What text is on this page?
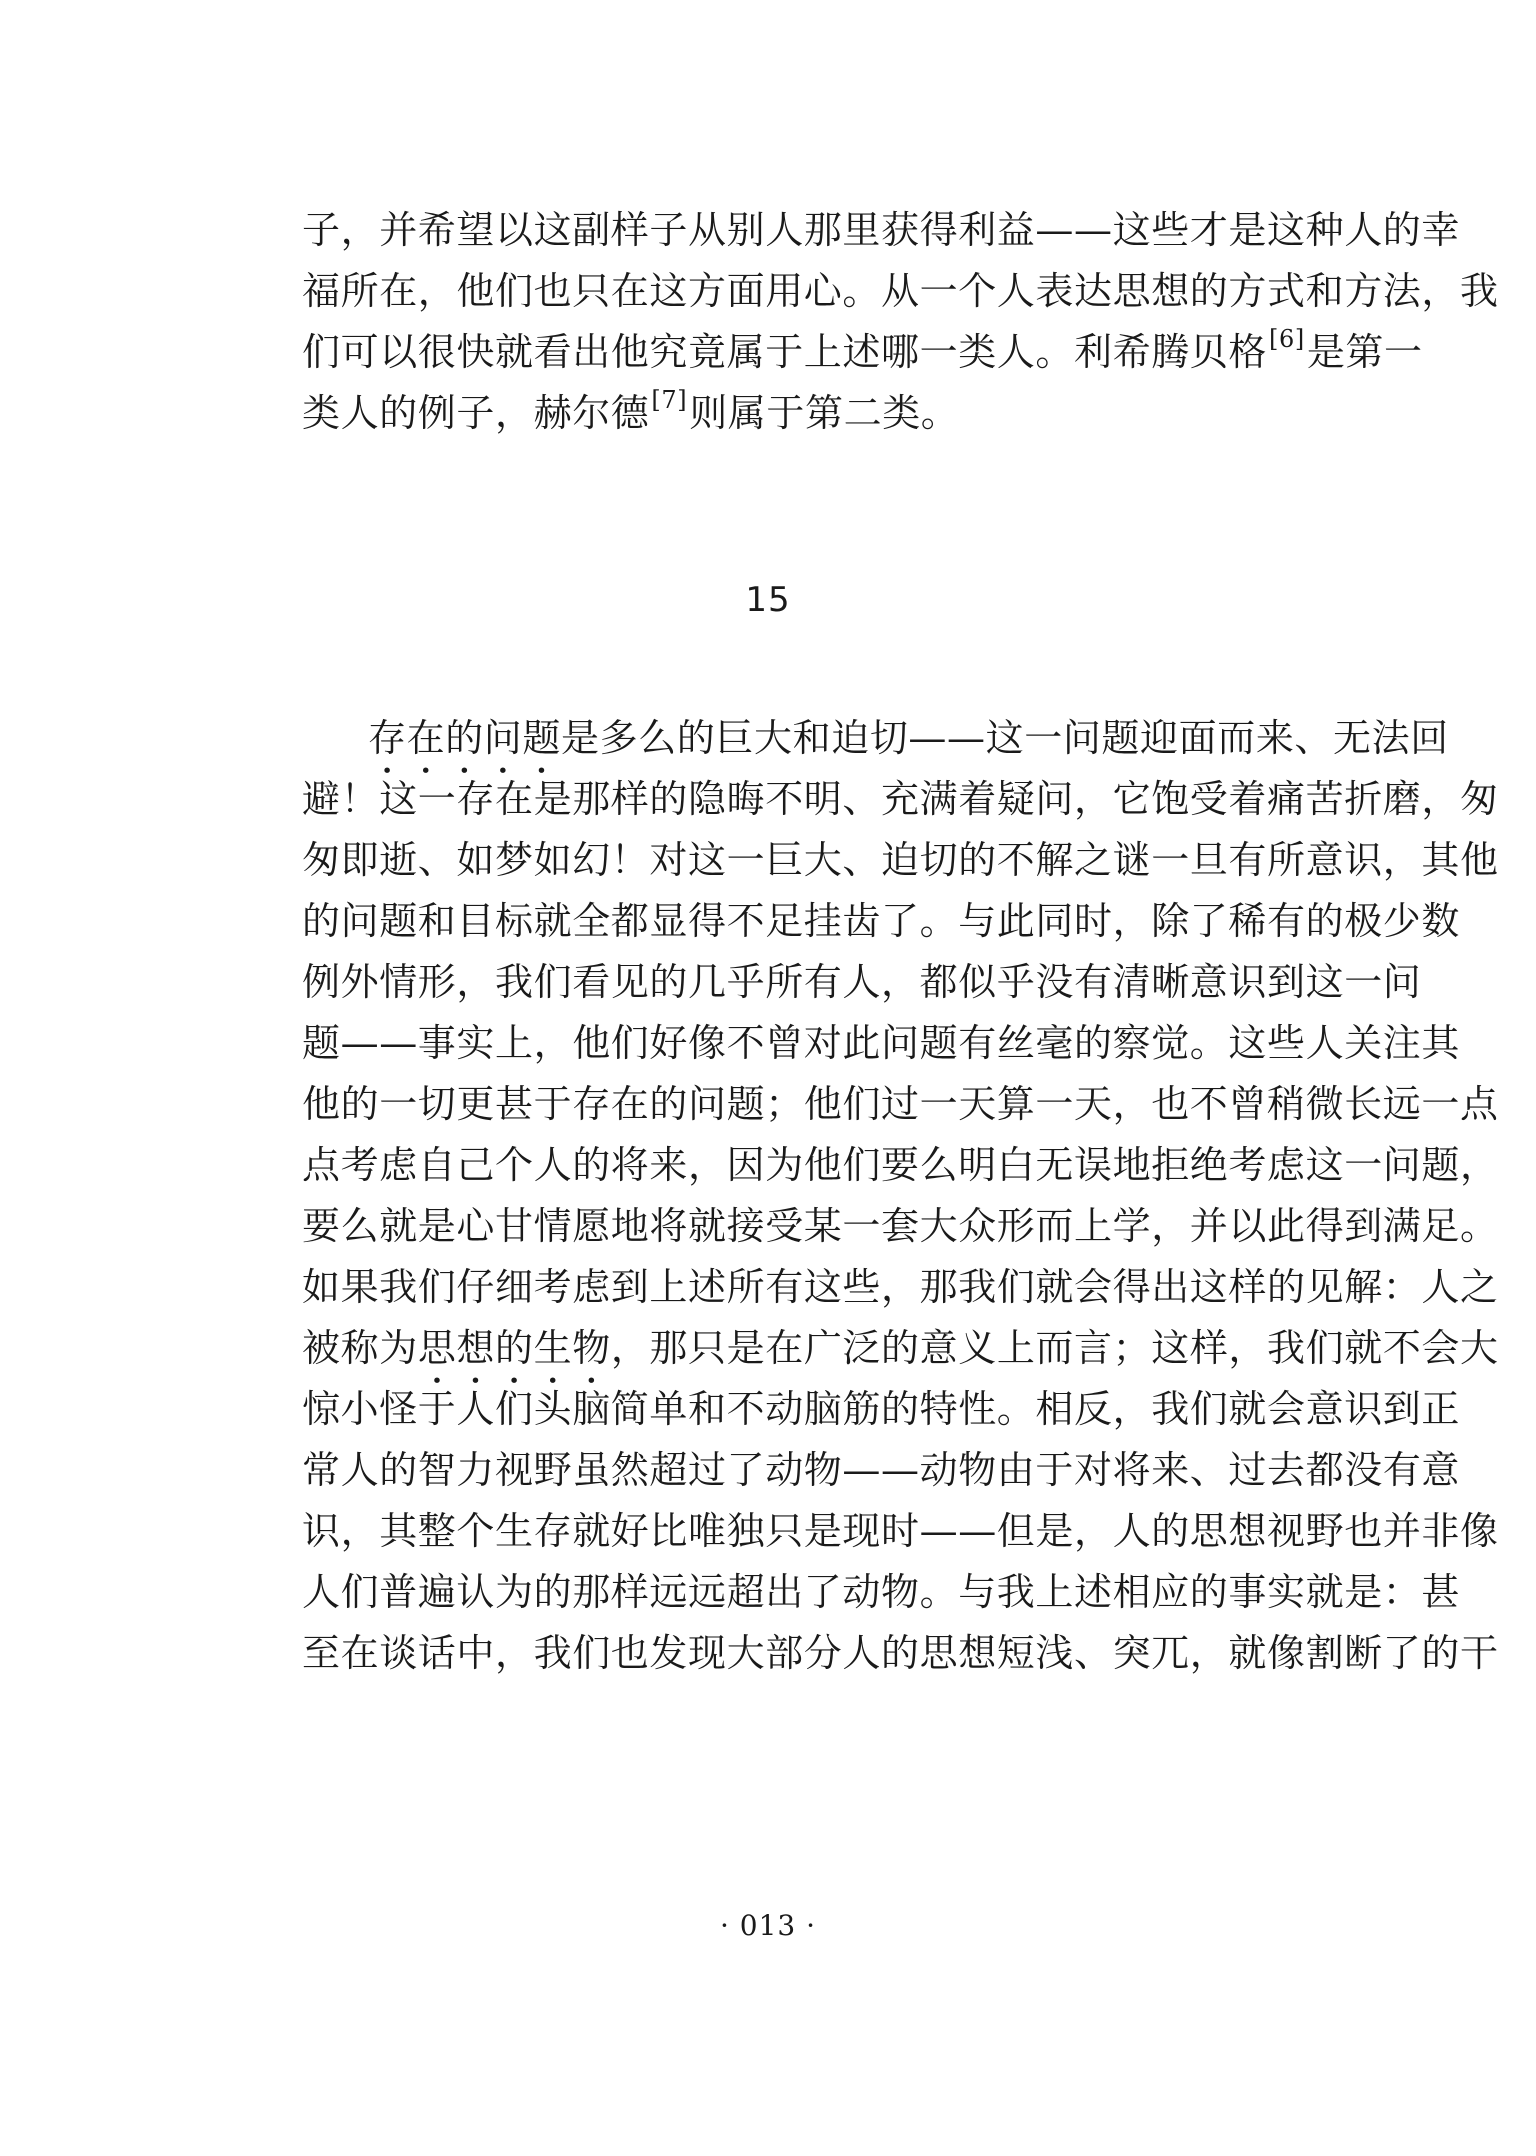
子，并希望以这副样子从别人那里获得利益——这些才是这种人的幸
福所在，他们也只在这方面用心。从一个人表达思想的方式和方法，我
们可以很快就看出他究竟属于上述哪一类人。利希腾贝格[6]是第一
类人的例子，赫尔德[7]则属于第二类。
15
存在的问题是多么的巨大和迫切——这一问题迎面而来、无法回
避！这一存在是那样的隐晦不明、充满着疑问，它饱受着痛苦折磨，匆
匆即逝、如梦如幻！对这一巨大、迫切的不解之谜一旦有所意识，其他
的问题和目标就全都显得不足挂齿了。与此同时，除了稀有的极少数
例外情形，我们看见的几乎所有人，都似乎没有清晰意识到这一问
题——事实上，他们好像不曾对此问题有丝毫的察觉。这些人关注其
他的一切更甚于存在的问题；他们过一天算一天，也不曾稍微长远一点
点考虑自己个人的将来，因为他们要么明白无误地拒绝考虑这一问题，
要么就是心甘情愿地将就接受某一套大众形而上学，并以此得到满足。
如果我们仔细考虑到上述所有这些，那我们就会得出这样的见解：人之
被称为思想的生物，那只是在广泛的意义上而言；这样，我们就不会大
惊小怪于人们头脑简单和不动脑筋的特性。相反，我们就会意识到正
常人的智力视野虽然超过了动物——动物由于对将来、过去都没有意
识，其整个生存就好比唯独只是现时——但是，人的思想视野也并非像
人们普遍认为的那样远远超出了动物。与我上述相应的事实就是：甚
至在谈话中，我们也发现大部分人的思想短浅、突兀，就像割断了的干
· 013 ·
